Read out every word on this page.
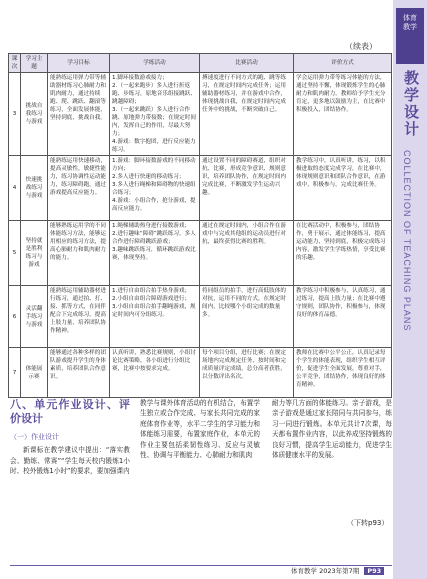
体育
教学
教学设计
COLLECTION OF TEACHING PLANS
（续表）
课次	学习主题	学习目标	学练活动	比赛活动	评价方式
3	挑战自我练习与游戏	能熟练运用弹力带等辅助器材练习心肺耐力和肌肉耐力，通过持续跑、爬、跳跃、翻滚等练习，全面发展体能，坚持到底，挑战自我。	1.脚环接数游戏接力；
2.（一起来跑步）多人进行折返跑、步练习，原地音乐组接跳跃、跳越障碍；
3.（一起来跳跃）多人进行合作跳、原地弹力带接数；在规定时间内，发挥自己的作用，尽最大努力；
4.游戏：数字抱团，进行反应能力练习。	搏速度进行不同方式的跑、跳等练习，在规定时间内完成任务；运用辅助器材练习，并在游戏中合作，体现挑战自我，在规定时间内完成任务中的挑战，不断突破自己。	学会运用弹力带等练习体能的方法，通过坚持不懈，体现锻炼学生的心肺耐力和肌肉耐力，教师给予学生充分肯定，更多地以鼓励为主，在比赛中积极投入，团结协作。
4	快速挑战练习与游戏	能熟练运用快速移动，提高灵敏性，敏捷性能力，练习协调性运动能力，练习障碍跑，通过游戏提高反应能力。	1.游戏：脚环接数游戏的不同移动方向；
2.多人进行快速的移动练习；
3.多人进行绳梯和障碍物的快速组合练习；
4.游戏：小组合作，抢分游戏，提高反应能力。	通过设置不同的障碍赛道，组织对抗、比赛，形成竞争意识、规则意识，培养团队协作，在规定时间内完成比赛，不断激发学生运动兴趣。	教学练习中，认真听讲，练习，以积极进取的态度完成学习，在比赛中，体现规则意识和团队合作意识，在游戏中，积极参与，完成比赛任务。
5	坚持就是胜利练习与游戏	能够熟练运用学的不同体能练习方法，能够运用相应的练习方法，提高心肺耐力和肌肉耐力的能力。	1.绳梯辅助热身进行接数游戏；
2.进行趣味“障碍”跳跃练习，多人合作进行障碍跳跃游戏；
3.趣味跳跃练习，循环跳跃游戏比赛，体现坚持。	通过在规定时间内，小组合作在游戏中与完成其他组的运动员进行对抗，最终获得比赛的胜利。	在比赛活动中，积极参与，团结协作，勇于展示，通过体能练习，提高运动能力，坚持到底，积极完成练习内容，激发学生学练热情，享受比赛的乐趣。
6	灵活翻手练习与游戏	能熟练运用辅助器材进行练习，通过拍、打、接、抓等方式，在同伴配合下完成练习，提高上肢力量，培养团队协作精神。	1.进行自由组合拍手热身游戏；
2.小组自由组合障碍游戏进行；
3.小组自由组合拍手翻绳游戏，规定时间内可分组练习。	将同组员的拍手，进行高低肢体的对抗，运用不同的方式，在规定时间内，比较哪个小组完成的数量多。	教学练习中积极参与，认真练习，通过练习，提高上肢力量；在比赛中遵守规则，团队协作，积极参与，体现良好的体育品德。
7	体能展示赛	能够通过各种多样的团队游戏提升学生的身体素质，培养团队合作意识。	认真听讲，熟悉比赛规则，小组讨论比赛策略，各小组进行分组比赛，比赛中按要求完成。	每个项目分组，进行比赛；在规定场地内完成规定任务，按时间和完成质量评定成绩，总分高者获胜，以分数评出名次。	教师在比赛中公平公正，认真记录每个学生的体能表现，组织学生相互评价，促进学生全面发展，尊重对手，公平竞争，团结协作，体现良好的体育精神。
八、单元作业设计、评价设计
（一）作业设计

新课标在教学建议中提出：“落实教会、勤练、常赛”“学生每天校内锻炼1小时、校外锻炼1小时”的要求，要加强课内

教学与课外体育活动的有机结合，布置学生独立或合作完成、与家长共同完成的家庭体育作业等，水平二学生的学习能力和体能练习需要，布置家庭作业，本单元的作业主要包括柔韧性练习、反应与灵敏性、协调与平衡能力、心肺耐力和肌肉

耐力等几方面的体能练习。亲子游戏，是亲子游戏是通过家长陪同与共同参与，练习一同进行锻炼。本单元共计7次课，每天都布置作业内容，以此养成坚持锻炼的良好习惯，提高学生运动能力，促进学生体质健康水平的发展。

（下转p93）
体育教学 2023年第7期 P93
